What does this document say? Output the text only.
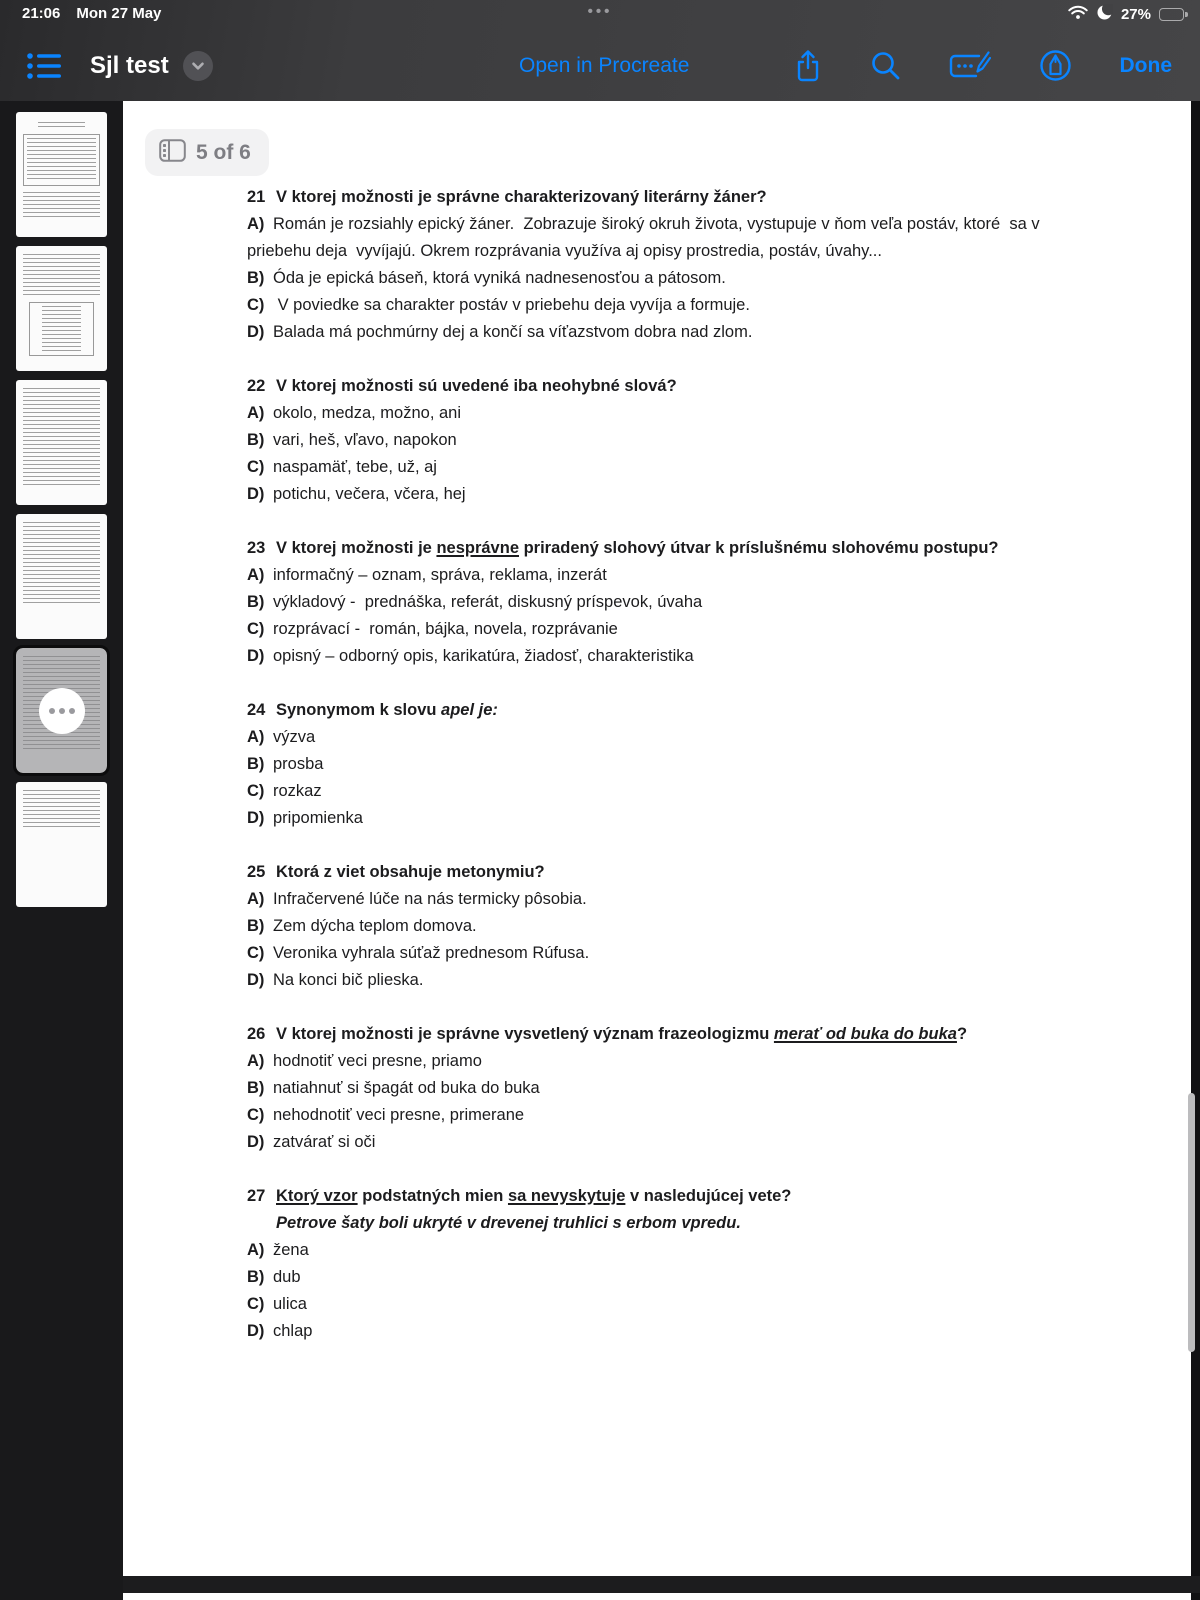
21:06 Mon 27 May	•••	27%
Sjl test	Open in Procreate	Done
5 of 6
21 V ktorej možnosti je správne charakterizovaný literárny žáner?
A) Román je rozsiahly epický žáner.  Zobrazuje široký okruh života, vystupuje v ňom veľa postáv, ktoré  sa v priebehu deja  vyvíjajú. Okrem rozprávania využíva aj opisy prostredia, postáv, úvahy...
B) Óda je epická báseň, ktorá vyniká nadnesenosťou a pátosom.
C) V poviedke sa charakter postáv v priebehu deja vyvíja a formuje.
D) Balada má pochmúrny dej a končí sa víťazstvom dobra nad zlom.
22 V ktorej možnosti sú uvedené iba neohybné slová?
A) okolo, medza, možno, ani
B) vari, heš, vľavo, napokon
C) naspamäť, tebe, už, aj
D) potichu, večera, včera, hej
23 V ktorej možnosti je nesprávne priradený slohový útvar k príslušnému slohovému postupu?
A) informačný – oznam, správa, reklama, inzerát
B) výkladový -  prednáška, referát, diskusný príspevok, úvaha
C) rozprávací -  román, bájka, novela, rozprávanie
D) opisný – odborný opis, karikatúra, žiadosť, charakteristika
24 Synonymom k slovu apel je:
A) výzva
B) prosba
C) rozkaz
D) pripomienka
25 Ktorá z viet obsahuje metonymiu?
A) Infračervené lúče na nás termicky pôsobia.
B) Zem dýcha teplom domova.
C) Veronika vyhrala súťaž prednesom Rúfusa.
D) Na konci bič plieska.
26 V ktorej možnosti je správne vysvetlený význam frazeologizmu merať od buka do buka?
A) hodnotiť veci presne, priamo
B) natiahnuť si špagát od buka do buka
C) nehodnotiť veci presne, primerane
D) zatvárať si oči
27 Ktorý vzor podstatných mien sa nevyskytuje v nasledujúcej vete?
Petrove šaty boli ukryté v drevenej truhlici s erbom vpredu.
A) žena
B) dub
C) ulica
D) chlap
